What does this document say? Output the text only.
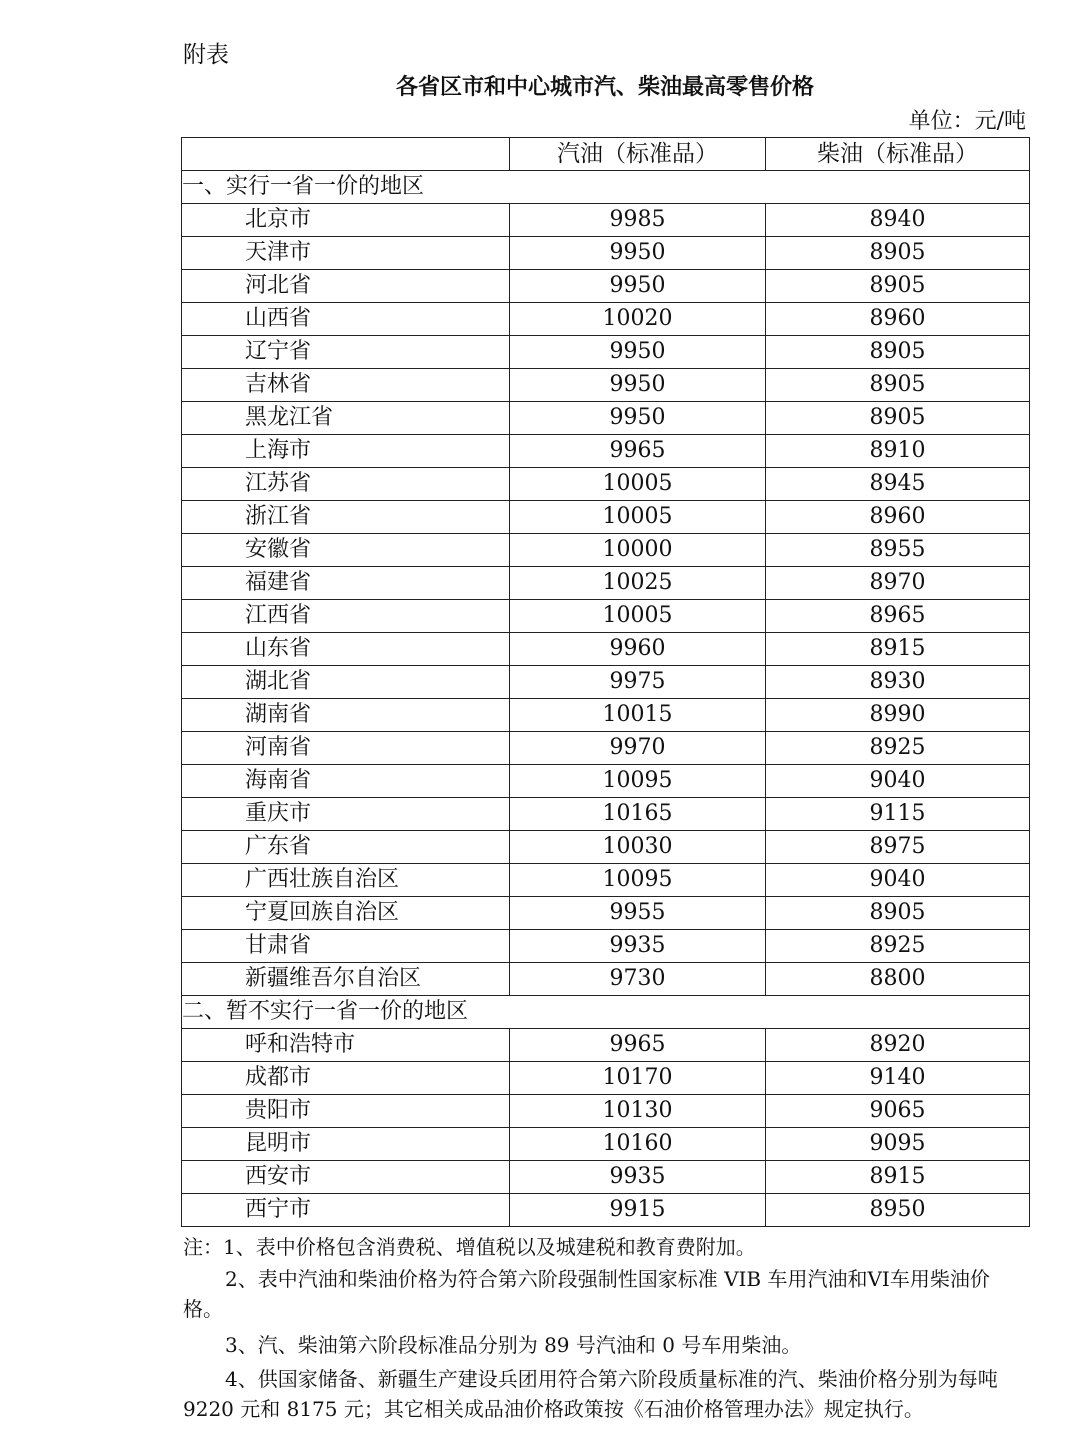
附表
各省区市和中心城市汽、柴油最高零售价格
单位：元/吨
	汽油（标准品）	柴油（标准品）
一、实行一省一价的地区		
北京市	9985	8940
天津市	9950	8905
河北省	9950	8905
山西省	10020	8960
辽宁省	9950	8905
吉林省	9950	8905
黑龙江省	9950	8905
上海市	9965	8910
江苏省	10005	8945
浙江省	10005	8960
安徽省	10000	8955
福建省	10025	8970
江西省	10005	8965
山东省	9960	8915
湖北省	9975	8930
湖南省	10015	8990
河南省	9970	8925
海南省	10095	9040
重庆市	10165	9115
广东省	10030	8975
广西壮族自治区	10095	9040
宁夏回族自治区	9955	8905
甘肃省	9935	8925
新疆维吾尔自治区	9730	8800
二、暂不实行一省一价的地区		
呼和浩特市	9965	8920
成都市	10170	9140
贵阳市	10130	9065
昆明市	10160	9095
西安市	9935	8915
西宁市	9915	8950

注：1、表中价格包含消费税、增值税以及城建税和教育费附加。

2、表中汽油和柴油价格为符合第六阶段强制性国家标准 VIB 车用汽油和VI车用柴油价格。

3、汽、柴油第六阶段标准品分别为 89 号汽油和 0 号车用柴油。

4、供国家储备、新疆生产建设兵团用符合第六阶段质量标准的汽、柴油价格分别为每吨 9220 元和 8175 元；其它相关成品油价格政策按《石油价格管理办法》规定执行。
